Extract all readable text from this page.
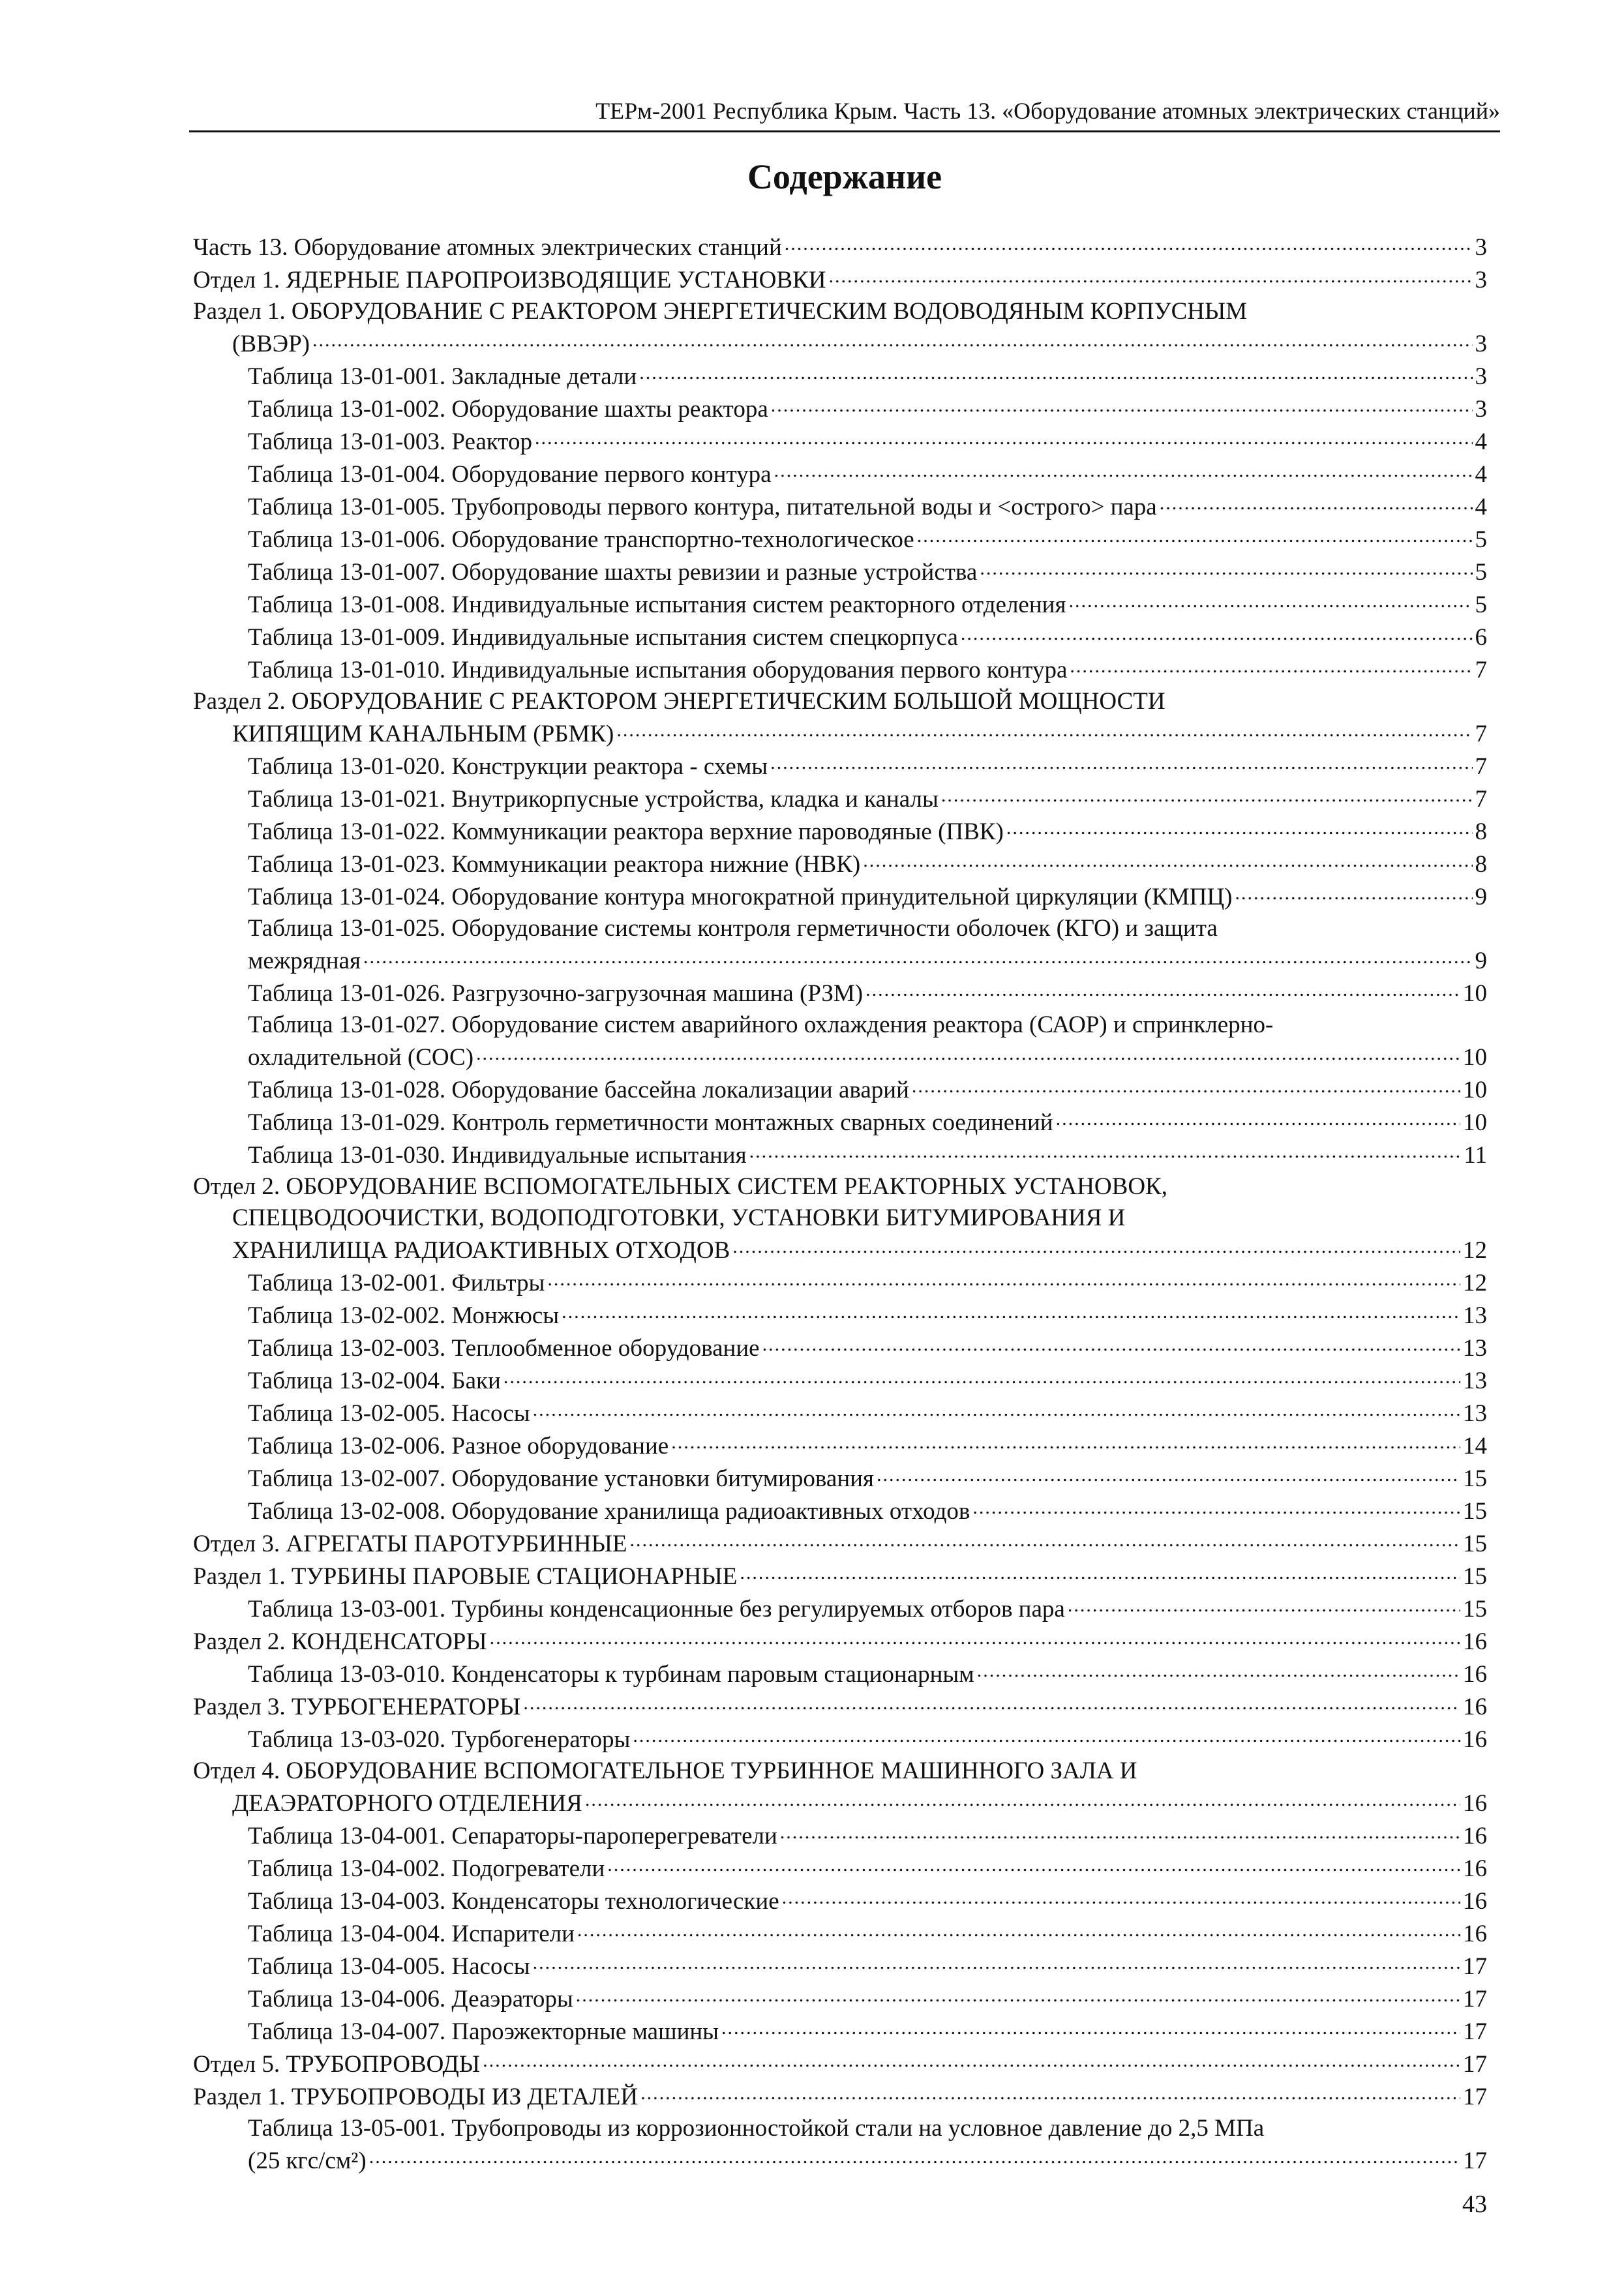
ТЕРм-2001 Республика Крым. Часть 13. «Оборудование атомных электрических станций»
Содержание
Часть 13. Оборудование атомных электрических станций .....	3
Отдел 1. ЯДЕРНЫЕ ПАРОПРОИЗВОДЯЩИЕ УСТАНОВКИ .....	3
Раздел 1. ОБОРУДОВАНИЕ С РЕАКТОРОМ ЭНЕРГЕТИЧЕСКИМ ВОДОВОДЯНЫМ КОРПУСНЫМ
(ВВЭР) .....	3
Таблица 13-01-001. Закладные детали .....	3
Таблица 13-01-002. Оборудование шахты реактора .....	3
Таблица 13-01-003. Реактор .....	4
Таблица 13-01-004. Оборудование первого контура .....	4
Таблица 13-01-005. Трубопроводы первого контура, питательной воды и <острого> пара .....	4
Таблица 13-01-006. Оборудование транспортно-технологическое .....	5
Таблица 13-01-007. Оборудование шахты ревизии и разные устройства .....	5
Таблица 13-01-008. Индивидуальные испытания систем реакторного отделения .....	5
Таблица 13-01-009. Индивидуальные испытания систем спецкорпуса .....	6
Таблица 13-01-010. Индивидуальные испытания оборудования первого контура .....	7
Раздел 2. ОБОРУДОВАНИЕ С РЕАКТОРОМ ЭНЕРГЕТИЧЕСКИМ БОЛЬШОЙ МОЩНОСТИ
КИПЯЩИМ КАНАЛЬНЫМ (РБМК) .....	7
Таблица 13-01-020. Конструкции реактора - схемы .....	7
Таблица 13-01-021. Внутрикорпусные устройства, кладка и каналы .....	7
Таблица 13-01-022. Коммуникации реактора верхние пароводяные (ПВК) .....	8
Таблица 13-01-023. Коммуникации реактора нижние (НВК) .....	8
Таблица 13-01-024. Оборудование контура многократной принудительной циркуляции (КМПЦ) .....	9
Таблица 13-01-025. Оборудование системы контроля герметичности оболочек (КГО) и защита
межрядная .....	9
Таблица 13-01-026. Разгрузочно-загрузочная машина (РЗМ) .....	10
Таблица 13-01-027. Оборудование систем аварийного охлаждения реактора (САОР) и спринклерно-
охладительной (СОС) .....	10
Таблица 13-01-028. Оборудование бассейна локализации аварий .....	10
Таблица 13-01-029. Контроль герметичности монтажных сварных соединений .....	10
Таблица 13-01-030. Индивидуальные испытания .....	11
Отдел 2. ОБОРУДОВАНИЕ ВСПОМОГАТЕЛЬНЫХ СИСТЕМ РЕАКТОРНЫХ УСТАНОВОК,
СПЕЦВОДООЧИСТКИ, ВОДОПОДГОТОВКИ, УСТАНОВКИ БИТУМИРОВАНИЯ И
ХРАНИЛИЩА РАДИОАКТИВНЫХ ОТХОДОВ .....	12
Таблица 13-02-001. Фильтры .....	12
Таблица 13-02-002. Монжюсы .....	13
Таблица 13-02-003. Теплообменное оборудование .....	13
Таблица 13-02-004. Баки .....	13
Таблица 13-02-005. Насосы .....	13
Таблица 13-02-006. Разное оборудование .....	14
Таблица 13-02-007. Оборудование установки битумирования .....	15
Таблица 13-02-008. Оборудование хранилища радиоактивных отходов .....	15
Отдел 3. АГРЕГАТЫ ПАРОТУРБИННЫЕ .....	15
Раздел 1. ТУРБИНЫ ПАРОВЫЕ СТАЦИОНАРНЫЕ .....	15
Таблица 13-03-001. Турбины конденсационные без регулируемых отборов пара .....	15
Раздел 2. КОНДЕНСАТОРЫ .....	16
Таблица 13-03-010. Конденсаторы к турбинам паровым стационарным .....	16
Раздел 3. ТУРБОГЕНЕРАТОРЫ .....	16
Таблица 13-03-020. Турбогенераторы .....	16
Отдел 4. ОБОРУДОВАНИЕ ВСПОМОГАТЕЛЬНОЕ ТУРБИННОЕ МАШИННОГО ЗАЛА И
ДЕАЭРАТОРНОГО ОТДЕЛЕНИЯ .....	16
Таблица 13-04-001. Сепараторы-пароперегреватели .....	16
Таблица 13-04-002. Подогреватели .....	16
Таблица 13-04-003. Конденсаторы технологические .....	16
Таблица 13-04-004. Испарители .....	16
Таблица 13-04-005. Насосы .....	17
Таблица 13-04-006. Деаэраторы .....	17
Таблица 13-04-007. Пароэжекторные машины .....	17
Отдел 5. ТРУБОПРОВОДЫ .....	17
Раздел 1. ТРУБОПРОВОДЫ ИЗ ДЕТАЛЕЙ .....	17
Таблица 13-05-001. Трубопроводы из коррозионностойкой стали на условное давление до 2,5 МПа
(25 кгс/см²) .....	17
43
